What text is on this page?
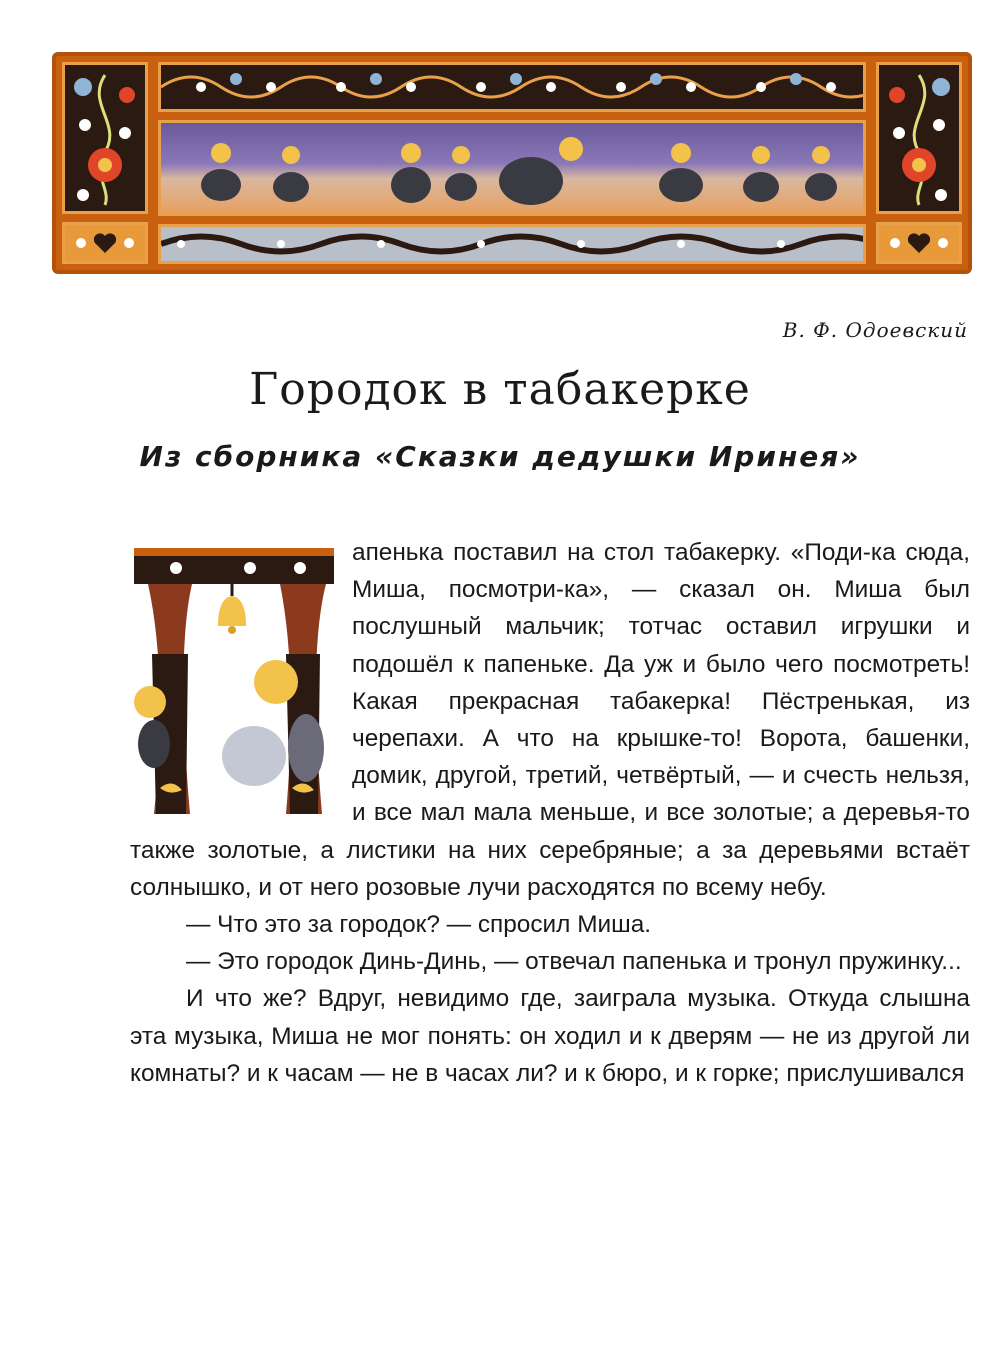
В. Ф. Одоевский

Городок в табакерке
Из сборника «Сказки дедушки Иринея»

апенька поставил на стол табакерку. «Поди-ка сюда, Миша, посмотри-ка», — сказал он. Миша был послушный мальчик; тотчас оставил игрушки и подошёл к папеньке. Да уж и было чего посмотреть! Какая прекрасная табакерка! Пёстренькая, из черепахи. А что на крышке-то! Ворота, башенки, домик, другой, третий, четвёртый, — и счесть нельзя, и все мал мала меньше, и все золотые; а деревья-то также золотые, а листики на них серебряные; а за деревьями встаёт солнышко, и от него розовые лучи расходятся по всему небу.

— Что это за городок? — спросил Миша.

— Это городок Динь-Динь, — отвечал папенька и тронул пружинку...

И что же? Вдруг, невидимо где, заиграла музыка. Откуда слышна эта музыка, Миша не мог понять: он ходил и к дверям — не из другой ли комнаты? и к часам — не в часах ли? и к бюро, и к горке; прислушивался
